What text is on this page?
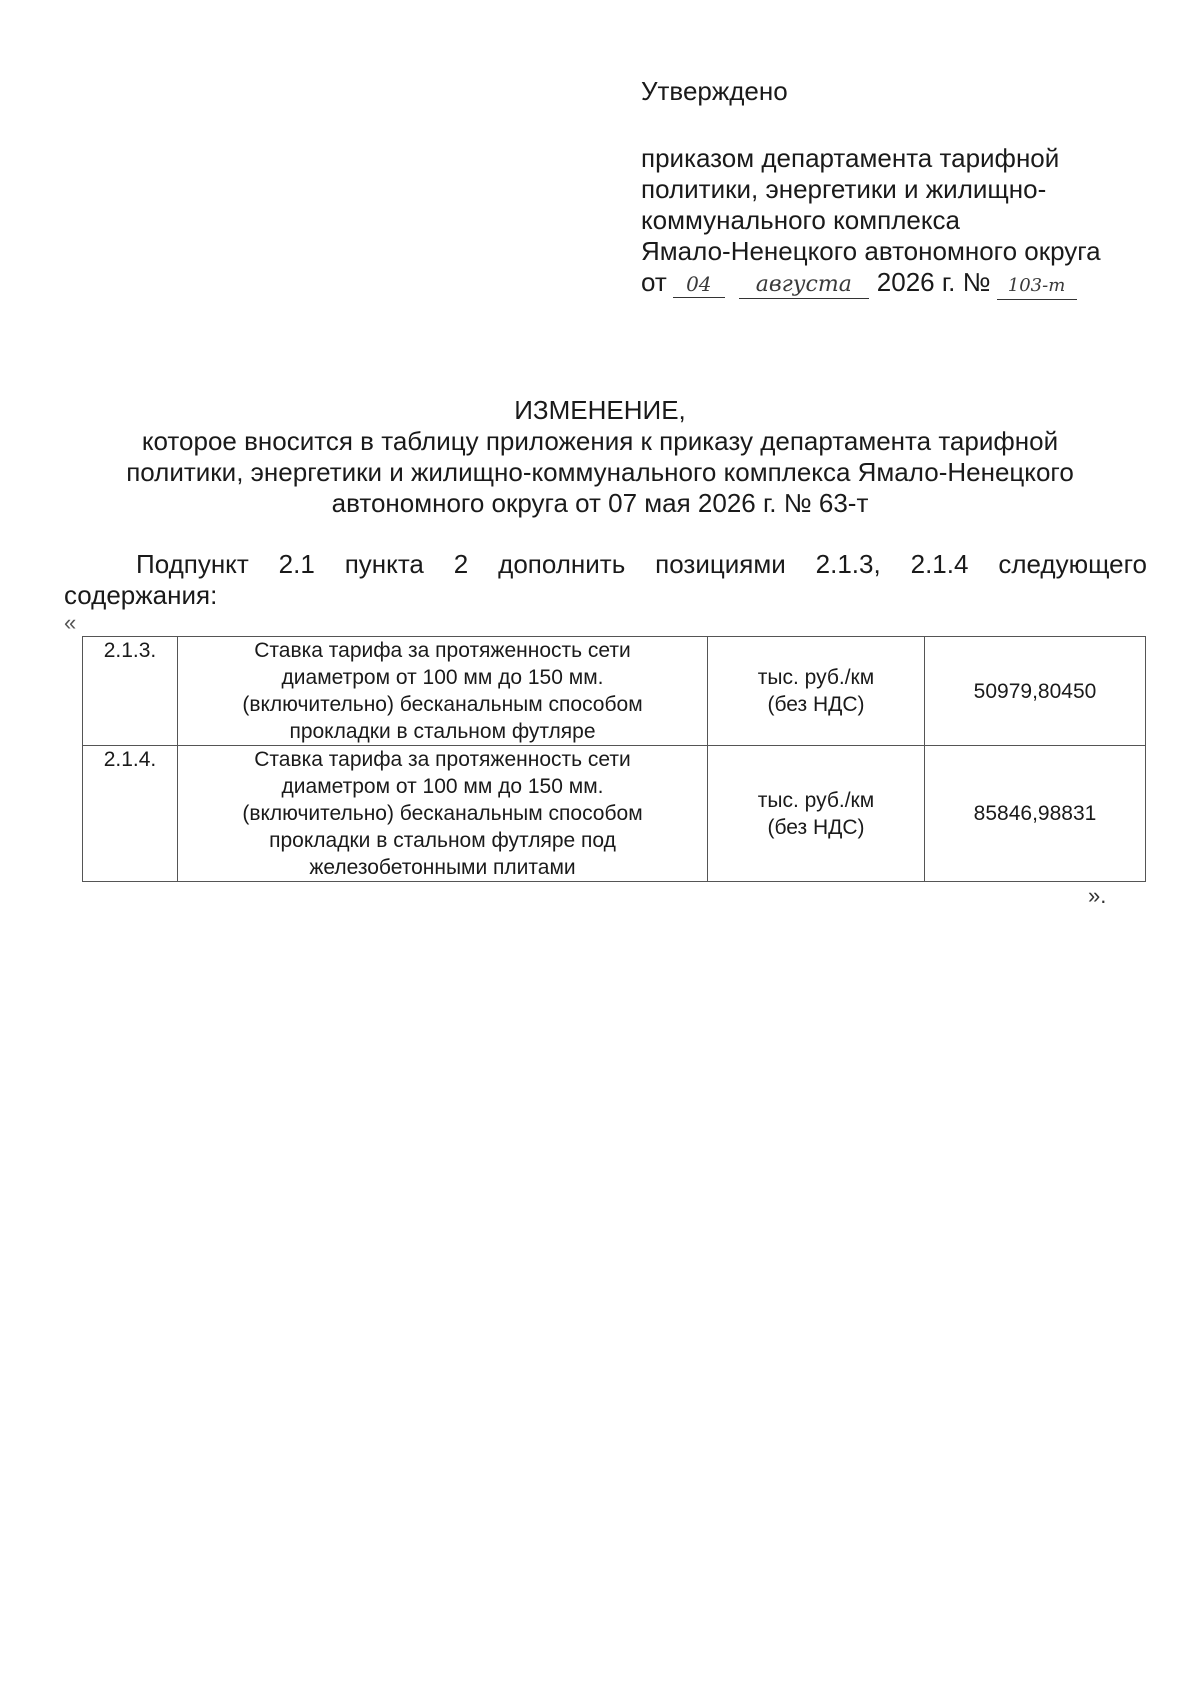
Утверждено
приказом департамента тарифной
политики, энергетики и жилищно-
коммунального комплекса
Ямало-Ненецкого автономного округа
от 04 августа 2026 г. № 103-т
ИЗМЕНЕНИЕ,
которое вносится в таблицу приложения к приказу департамента тарифной
политики, энергетики и жилищно-коммунального комплекса Ямало-Ненецкого
автономного округа от 07 мая 2026 г. № 63-т
Подпункт 2.1 пункта 2 дополнить позициями 2.1.3, 2.1.4 следующего
содержания:
«
2.1.3.	Ставка тарифа за протяженность сети
диаметром от 100 мм до 150 мм.
(включительно) бесканальным способом
прокладки в стальном футляре	тыс. руб./км
(без НДС)	50979,80450
2.1.4.	Ставка тарифа за протяженность сети
диаметром от 100 мм до 150 мм.
(включительно) бесканальным способом
прокладки в стальном футляре под
железобетонными плитами	тыс. руб./км
(без НДС)	85846,98831
».
